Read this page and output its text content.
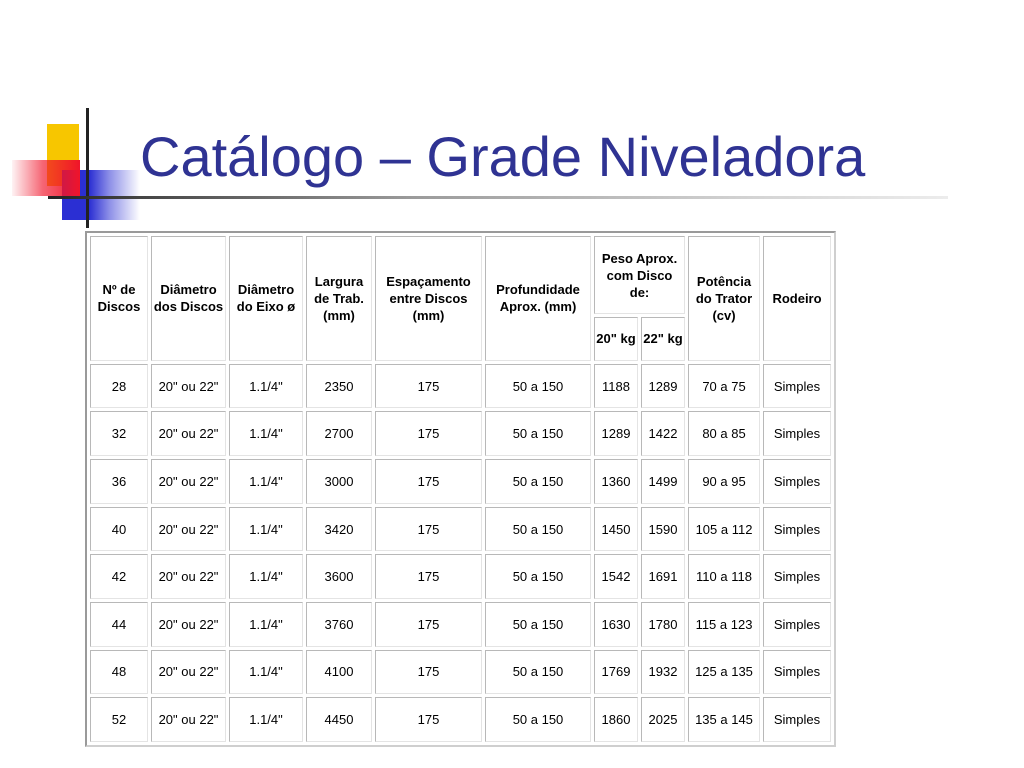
Catálogo – Grade Niveladora
Nº de Discos	Diâmetro dos Discos	Diâmetro do Eixo ø	Largura de Trab. (mm)	Espaçamento entre Discos (mm)	Profundidade Aprox. (mm)	Peso Aprox. com Disco de:		Potência do Trator (cv)	Rodeiro
						20" kg	22" kg		
28	20" ou 22"	1.1/4"	2350	175	50 a 150	1188	1289	70 a 75	Simples
32	20" ou 22"	1.1/4"	2700	175	50 a 150	1289	1422	80 a 85	Simples
36	20" ou 22"	1.1/4"	3000	175	50 a 150	1360	1499	90 a 95	Simples
40	20" ou 22"	1.1/4"	3420	175	50 a 150	1450	1590	105 a 112	Simples
42	20" ou 22"	1.1/4"	3600	175	50 a 150	1542	1691	110 a 118	Simples
44	20" ou 22"	1.1/4"	3760	175	50 a 150	1630	1780	115 a 123	Simples
48	20" ou 22"	1.1/4"	4100	175	50 a 150	1769	1932	125 a 135	Simples
52	20" ou 22"	1.1/4"	4450	175	50 a 150	1860	2025	135 a 145	Simples
